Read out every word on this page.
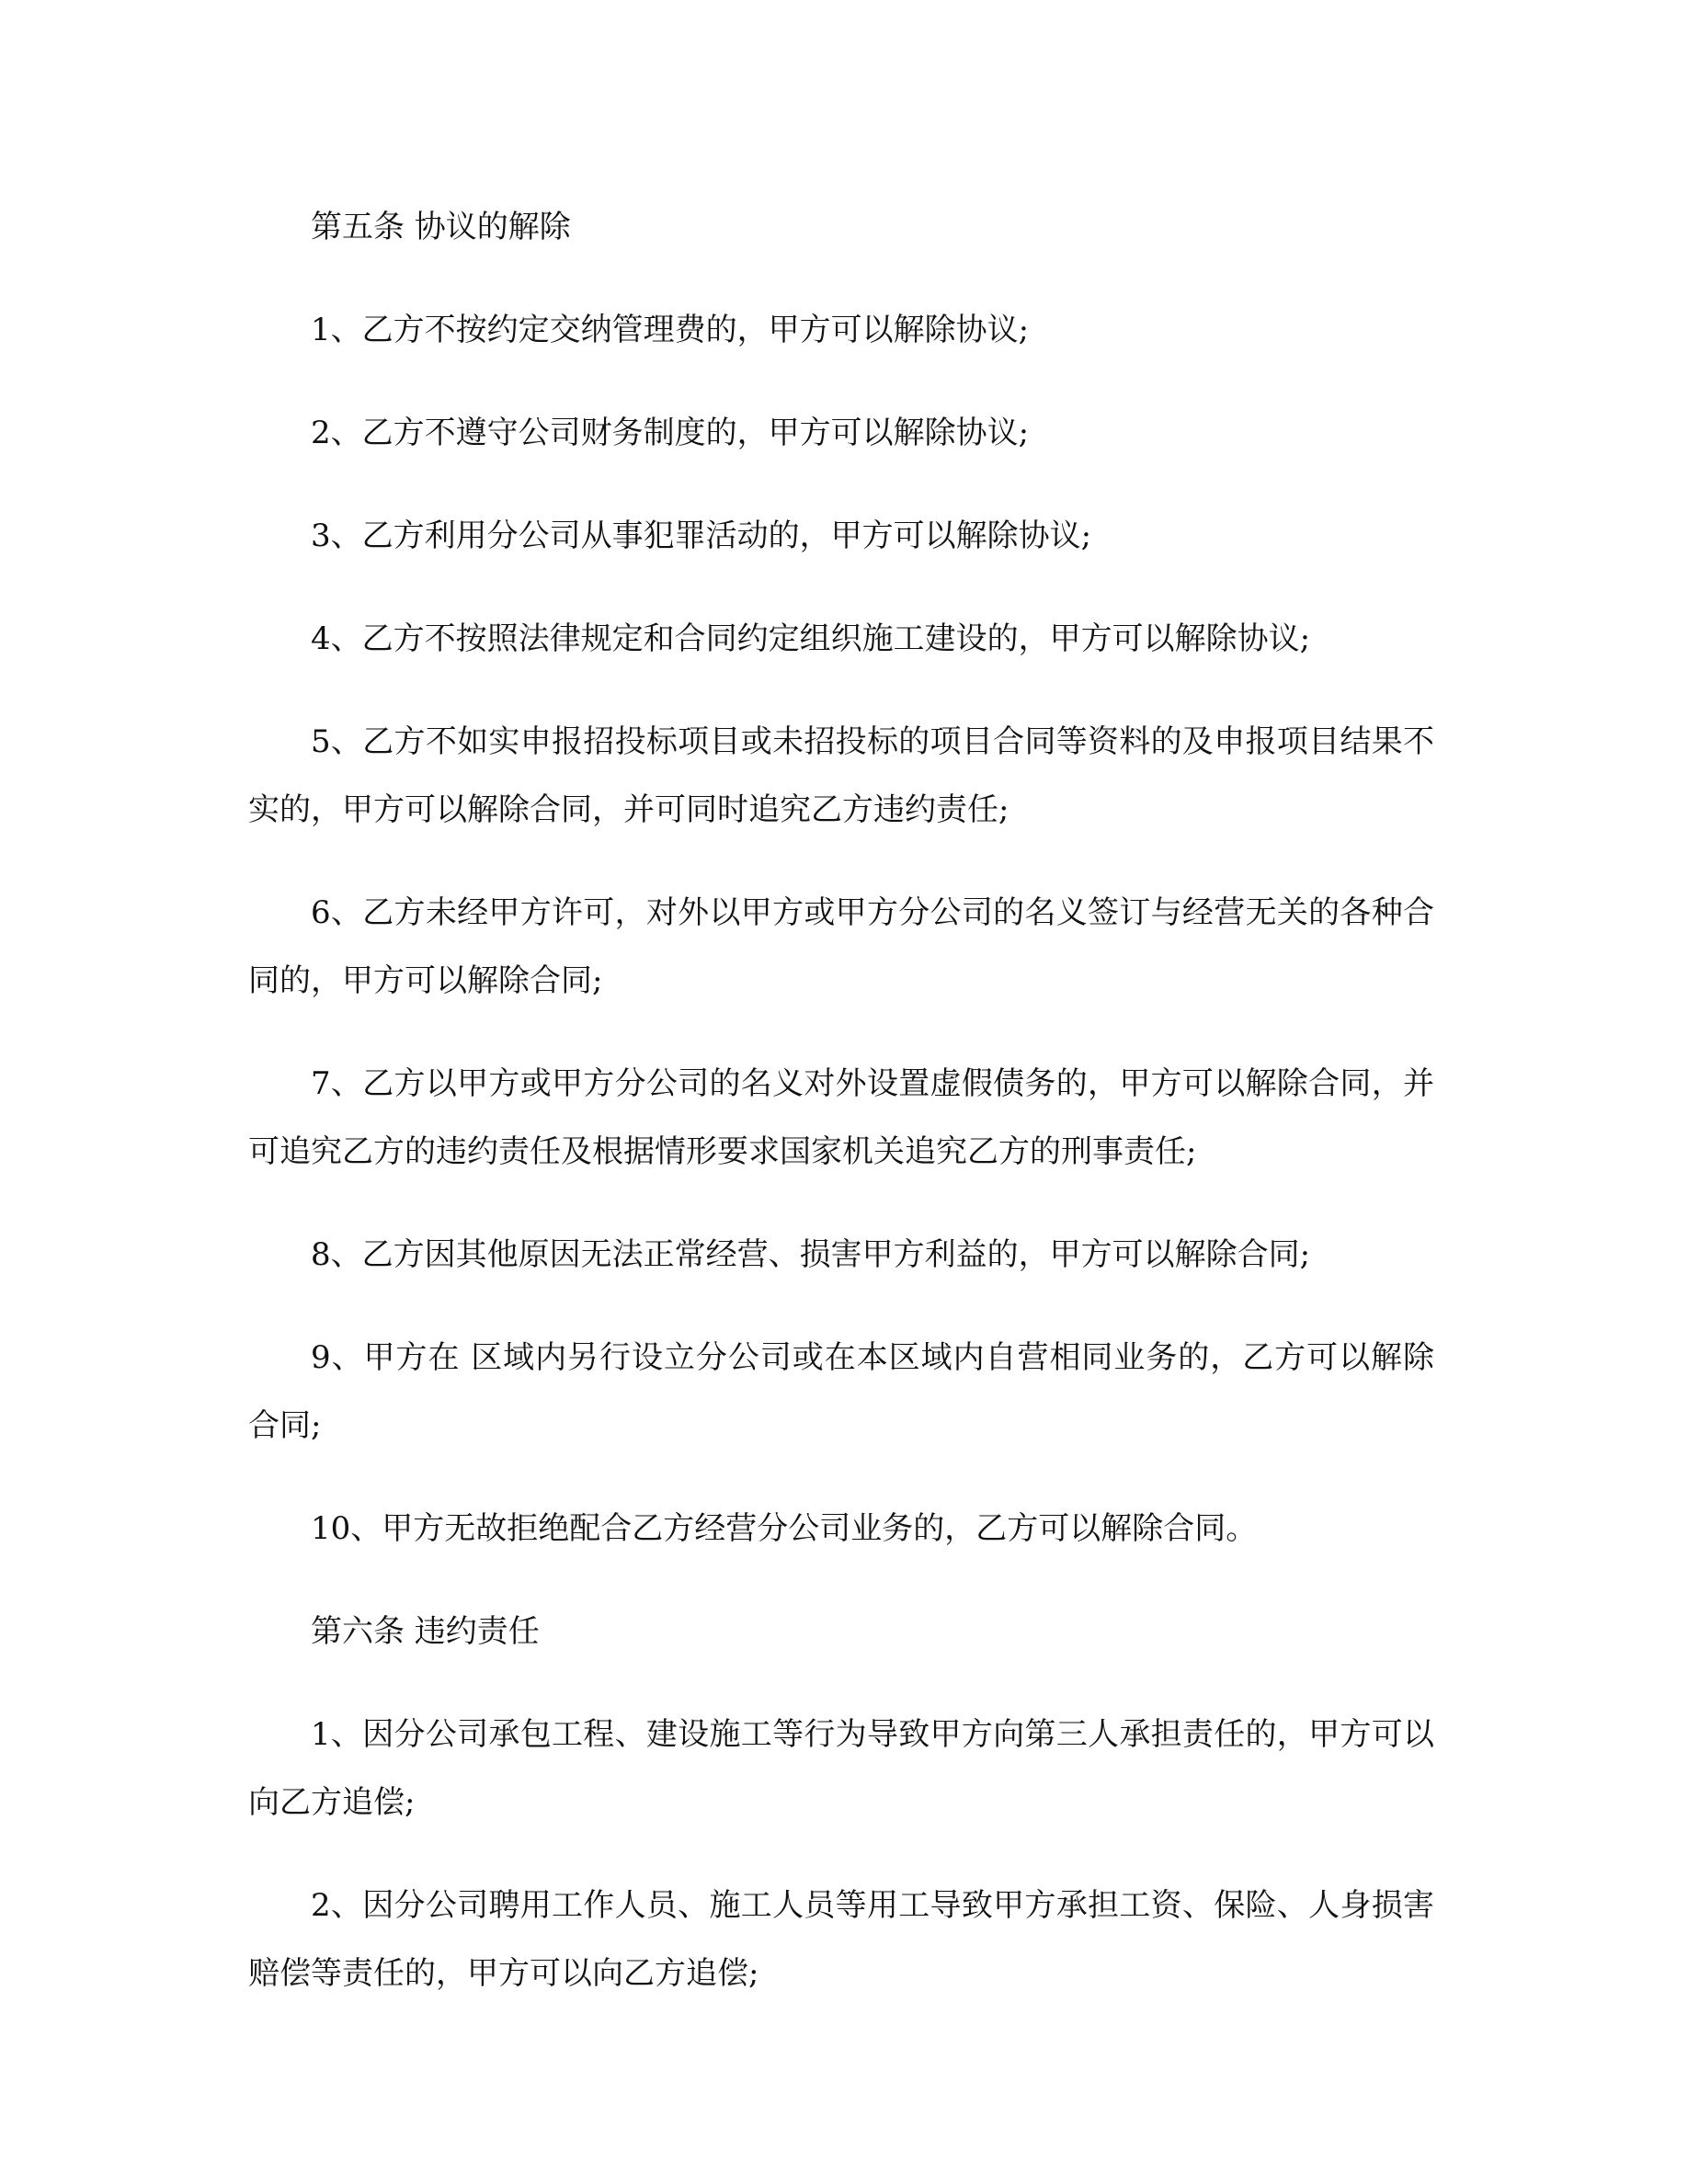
第五条 协议的解除

1、乙方不按约定交纳管理费的，甲方可以解除协议;

2、乙方不遵守公司财务制度的，甲方可以解除协议;

3、乙方利用分公司从事犯罪活动的，甲方可以解除协议;

4、乙方不按照法律规定和合同约定组织施工建设的，甲方可以解除协议;

5、乙方不如实申报招投标项目或未招投标的项目合同等资料的及申报项目结果不实的，甲方可以解除合同，并可同时追究乙方违约责任;

6、乙方未经甲方许可，对外以甲方或甲方分公司的名义签订与经营无关的各种合同的，甲方可以解除合同;

7、乙方以甲方或甲方分公司的名义对外设置虚假债务的，甲方可以解除合同，并可追究乙方的违约责任及根据情形要求国家机关追究乙方的刑事责任;

8、乙方因其他原因无法正常经营、损害甲方利益的，甲方可以解除合同;

9、甲方在 区域内另行设立分公司或在本区域内自营相同业务的，乙方可以解除合同;

10、甲方无故拒绝配合乙方经营分公司业务的，乙方可以解除合同。

第六条 违约责任

1、因分公司承包工程、建设施工等行为导致甲方向第三人承担责任的，甲方可以向乙方追偿;

2、因分公司聘用工作人员、施工人员等用工导致甲方承担工资、保险、人身损害赔偿等责任的，甲方可以向乙方追偿;
